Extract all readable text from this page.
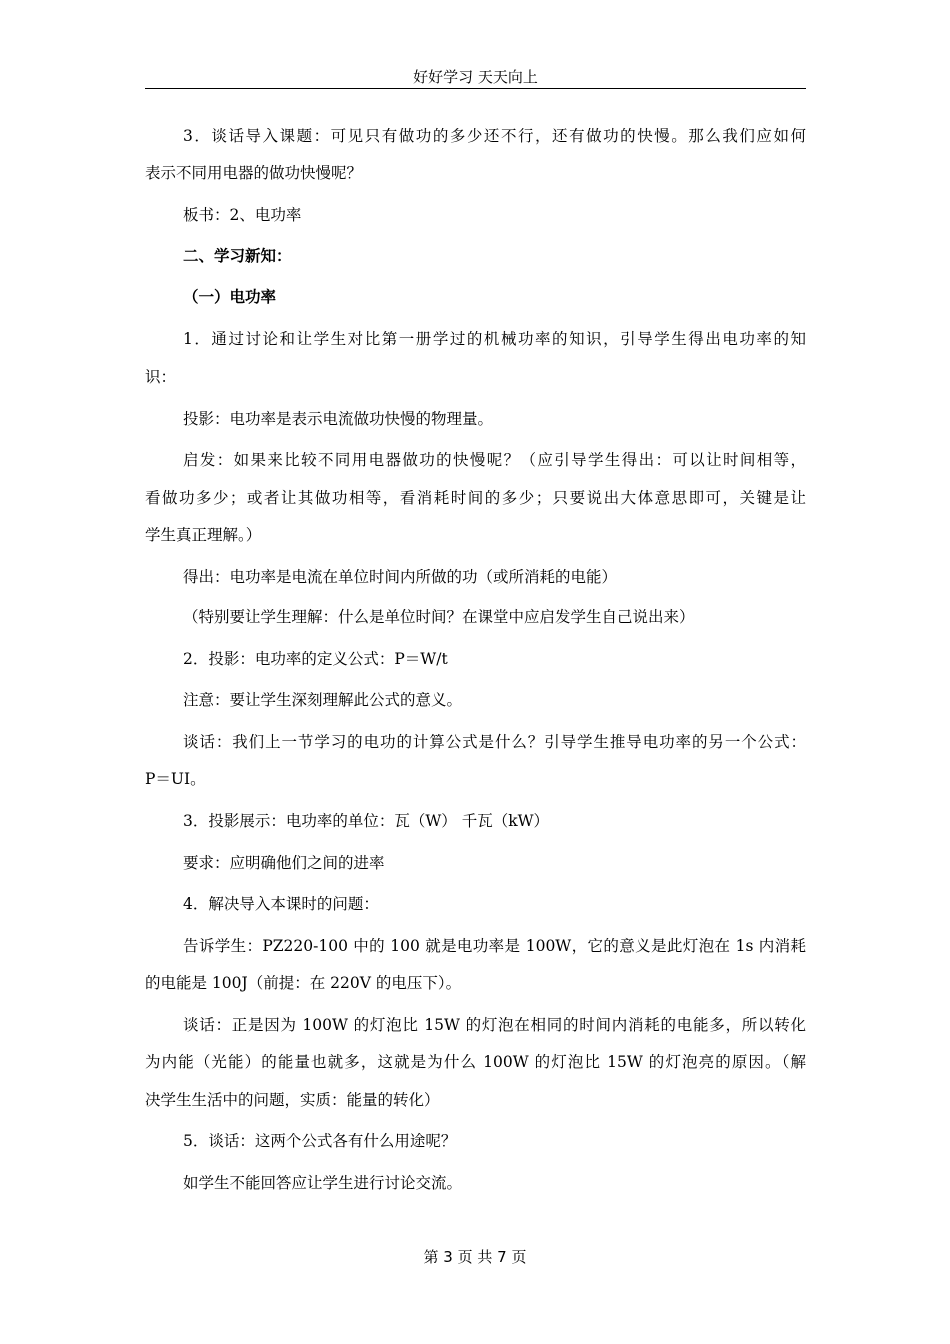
好好学习 天天向上
3．谈话导入课题：可见只有做功的多少还不行，还有做功的快慢。那么我们应如何
表示不同用电器的做功快慢呢？
板书：2、电功率
二、学习新知：
（一）电功率
1．通过讨论和让学生对比第一册学过的机械功率的知识，引导学生得出电功率的知
识：
投影：电功率是表示电流做功快慢的物理量。
启发：如果来比较不同用电器做功的快慢呢？（应引导学生得出：可以让时间相等，
看做功多少；或者让其做功相等，看消耗时间的多少；只要说出大体意思即可，关键是让
学生真正理解。）
得出：电功率是电流在单位时间内所做的功（或所消耗的电能）
（特别要让学生理解：什么是单位时间？在课堂中应启发学生自己说出来）
2．投影：电功率的定义公式：P＝W/t
注意：要让学生深刻理解此公式的意义。
谈话：我们上一节学习的电功的计算公式是什么？引导学生推导电功率的另一个公式：
P＝UI。
3．投影展示：电功率的单位：瓦（W） 千瓦（kW）
要求：应明确他们之间的进率
4．解决导入本课时的问题：
告诉学生：PZ220-100 中的 100 就是电功率是 100W，它的意义是此灯泡在 1s 内消耗
的电能是 100J（前提：在 220V 的电压下）。
谈话：正是因为 100W 的灯泡比 15W 的灯泡在相同的时间内消耗的电能多，所以转化
为内能（光能）的能量也就多，这就是为什么 100W 的灯泡比 15W 的灯泡亮的原因。（解
决学生生活中的问题，实质：能量的转化）
5．谈话：这两个公式各有什么用途呢？
如学生不能回答应让学生进行讨论交流。
第 3 页 共 7 页
